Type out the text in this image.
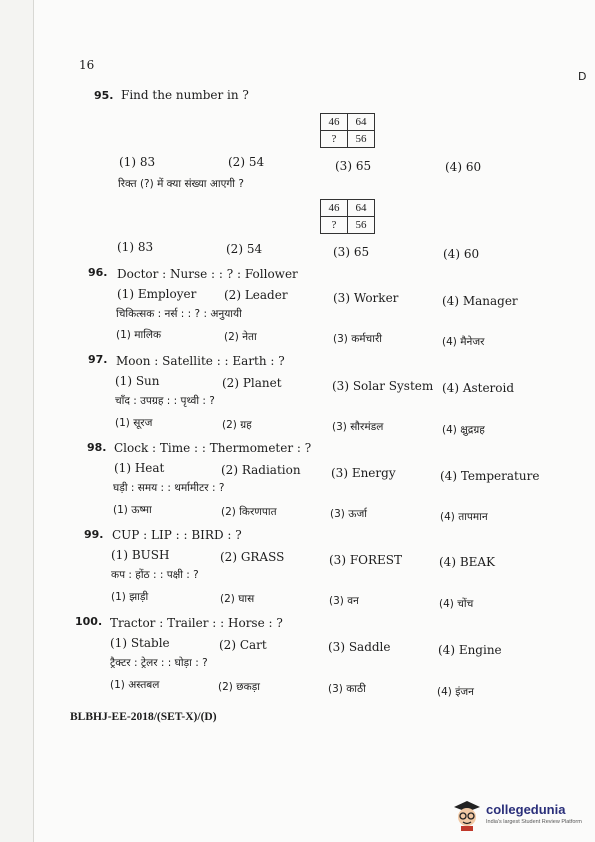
16
D
95. Find the number in ?
46	64
?	56
(1) 83	(2) 54	(3) 65	(4) 60
रिक्त (?) में क्या संख्या आएगी ?
46	64
?	56
(1) 83	(2) 54	(3) 65	(4) 60
96. Doctor : Nurse : : ? : Follower
(1) Employer (2) Leader	(3) Worker	(4) Manager
चिकित्सक : नर्स : : ? : अनुयायी
(1) मालिक	(2) नेता	(3) कर्मचारी	(4) मैनेजर
97. Moon : Satellite : : Earth : ?
(1) Sun	(2) Planet	(3) Solar System (4) Asteroid
चाँद : उपग्रह : : पृथ्वी : ?
(1) सूरज	(2) ग्रह	(3) सौरमंडल	(4) क्षुद्रग्रह
98. Clock : Time : : Thermometer : ?
(1) Heat	(2) Radiation	(3) Energy	(4) Temperature
घड़ी : समय : : थर्मामीटर : ?
(1) ऊष्मा	(2) किरणपात	(3) ऊर्जा	(4) तापमान
99. CUP : LIP : : BIRD : ?
(1) BUSH	(2) GRASS	(3) FOREST	(4) BEAK
कप : होंठ : : पक्षी : ?
(1) झाड़ी	(2) घास	(3) वन	(4) चोंच
100. Tractor : Trailer : : Horse : ?
(1) Stable	(2) Cart	(3) Saddle	(4) Engine
ट्रैक्टर : ट्रेलर : : घोड़ा : ?
(1) अस्तबल	(2) छकड़ा	(3) काठी	(4) इंजन
BLBHJ-EE-2018/(SET-X)/(D)
collegedunia
India's largest Student Review Platform
